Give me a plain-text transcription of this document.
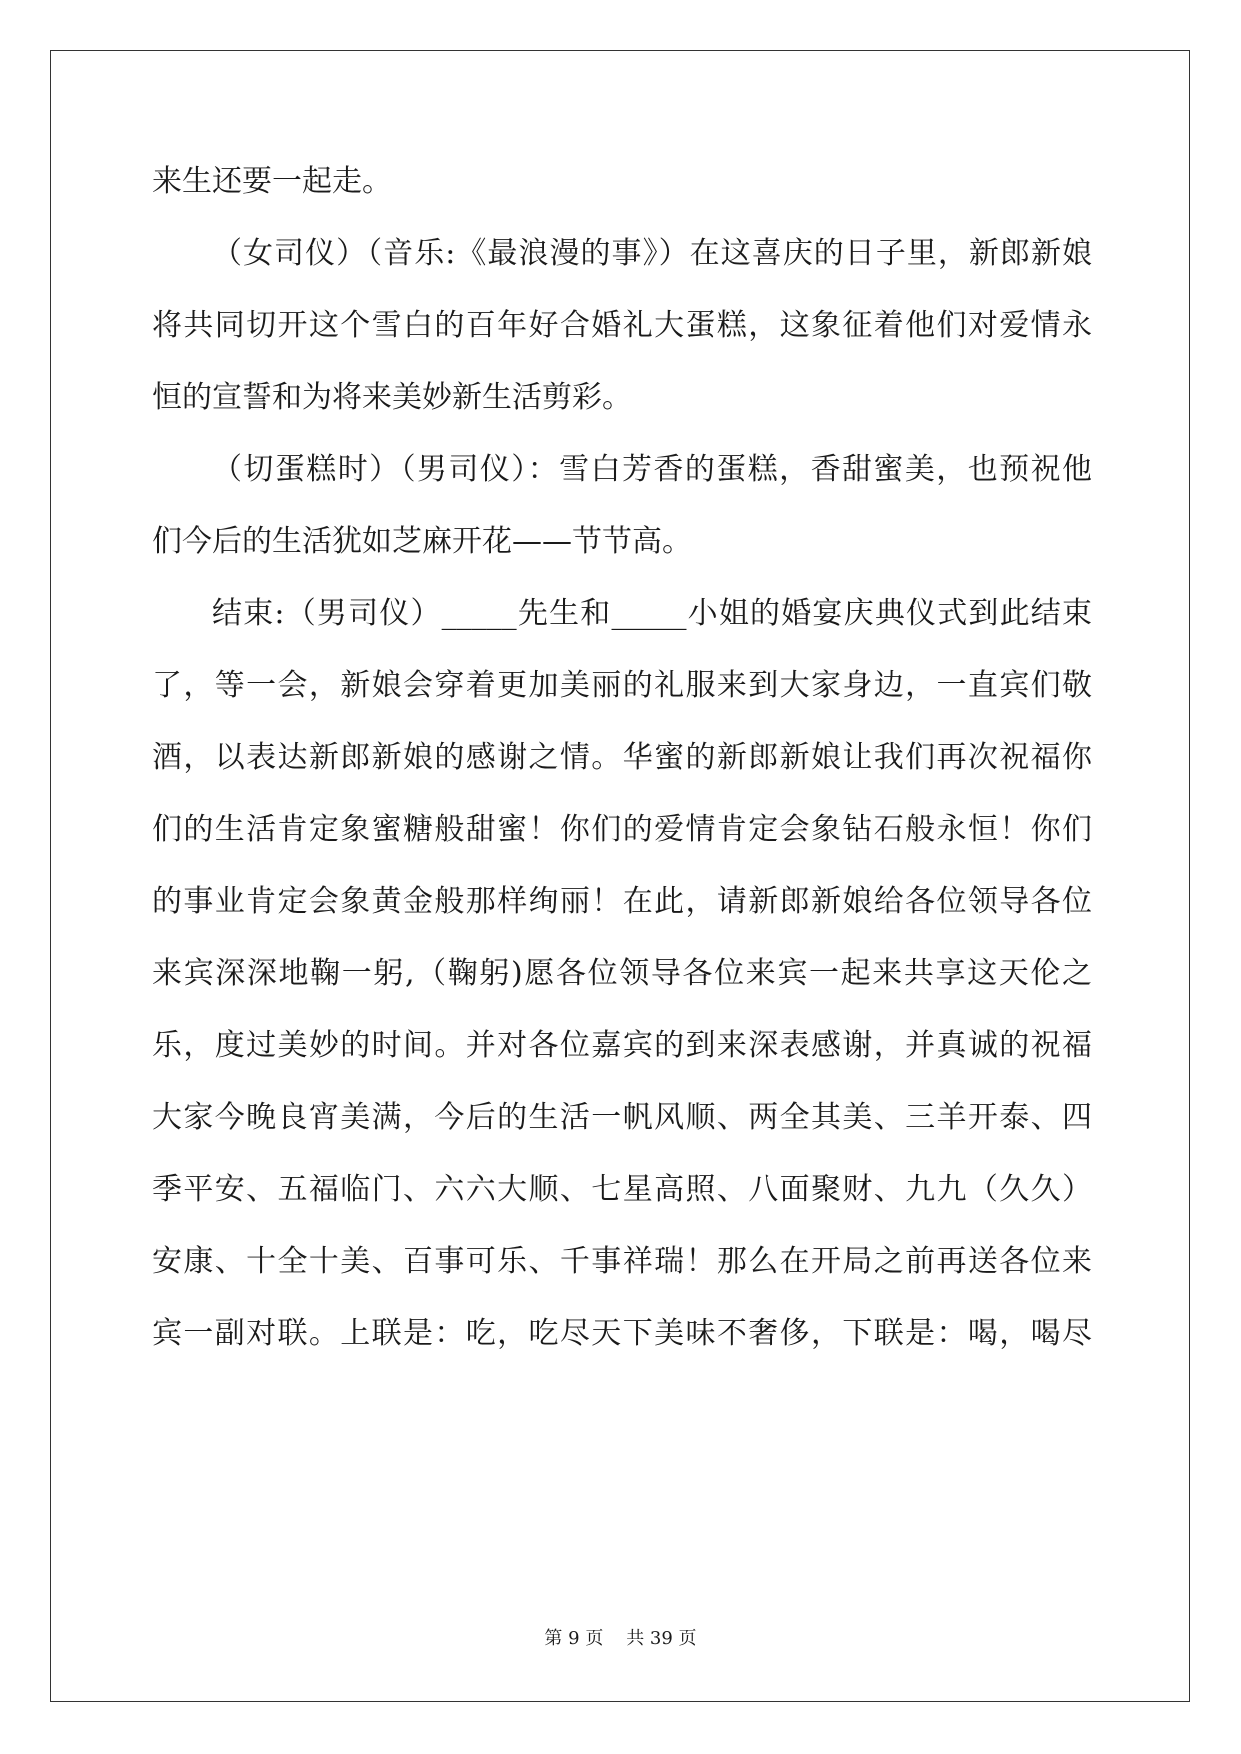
来生还要一起走。
（女司仪）（音乐:《最浪漫的事》）在这喜庆的日子里，新郎新娘
将共同切开这个雪白的百年好合婚礼大蛋糕，这象征着他们对爱情永
恒的宣誓和为将来美妙新生活剪彩。
（切蛋糕时）（男司仪）：雪白芳香的蛋糕，香甜蜜美，也预祝他
们今后的生活犹如芝麻开花——节节高。
结束:（男司仪）_____先生和_____小姐的婚宴庆典仪式到此结束
了，等一会，新娘会穿着更加美丽的礼服来到大家身边，一直宾们敬
酒，以表达新郎新娘的感谢之情。华蜜的新郎新娘让我们再次祝福你
们的生活肯定象蜜糖般甜蜜！你们的爱情肯定会象钻石般永恒！你们
的事业肯定会象黄金般那样绚丽！在此，请新郎新娘给各位领导各位
来宾深深地鞠一躬,（鞠躬)愿各位领导各位来宾一起来共享这天伦之
乐，度过美妙的时间。并对各位嘉宾的到来深表感谢，并真诚的祝福
大家今晚良宵美满，今后的生活一帆风顺、两全其美、三羊开泰、四
季平安、五福临门、六六大顺、七星高照、八面聚财、九九（久久）
安康、十全十美、百事可乐、千事祥瑞！那么在开局之前再送各位来
宾一副对联。上联是：吃，吃尽天下美味不奢侈，下联是：喝，喝尽
第 9 页    共 39 页
